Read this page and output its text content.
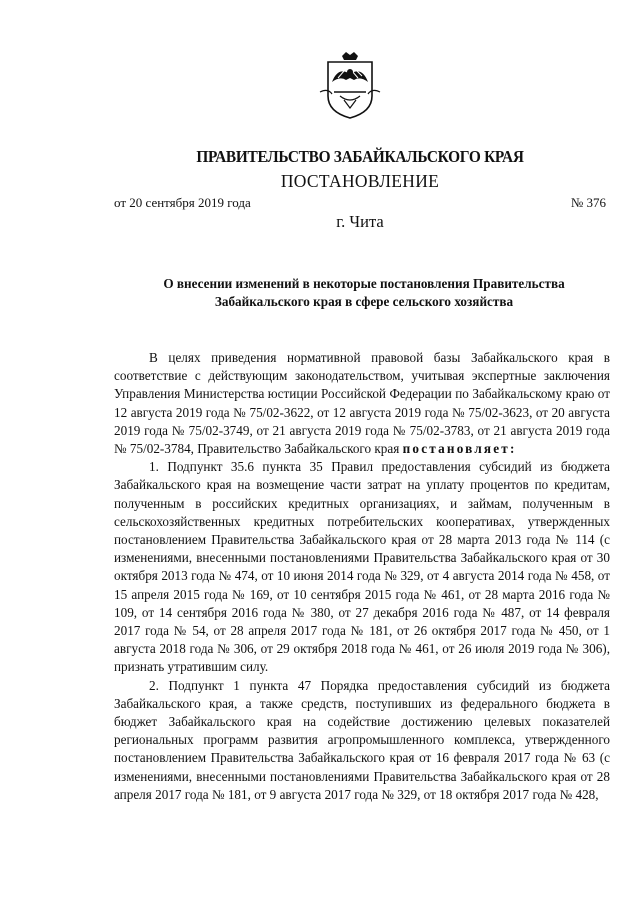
ПРАВИТЕЛЬСТВО ЗАБАЙКАЛЬСКОГО КРАЯ
ПОСТАНОВЛЕНИЕ
от 20 сентября 2019 года	№ 376
г. Чита
О внесении изменений в некоторые постановления Правительства
Забайкальского края в сфере сельского хозяйства

В целях приведения нормативной правовой базы Забайкальского края в соответствие с действующим законодательством, учитывая экспертные заключения Управления Министерства юстиции Российской Федерации по Забайкальскому краю от 12 августа 2019 года № 75/02-3622, от 12 августа 2019 года № 75/02-3623, от 20 августа 2019 года № 75/02-3749, от 21 августа 2019 года № 75/02-3783, от 21 августа 2019 года № 75/02-3784, Правительство Забайкальского края постановляет:

1. Подпункт 35.6 пункта 35 Правил предоставления субсидий из бюджета Забайкальского края на возмещение части затрат на уплату процентов по кредитам, полученным в российских кредитных организациях, и займам, полученным в сельскохозяйственных кредитных потребительских кооперативах, утвержденных постановлением Правительства Забайкальского края от 28 марта 2013 года № 114 (с изменениями, внесенными постановлениями Правительства Забайкальского края от 30 октября 2013 года № 474, от 10 июня 2014 года № 329, от 4 августа 2014 года № 458, от 15 апреля 2015 года № 169, от 10 сентября 2015 года № 461, от 28 марта 2016 года № 109, от 14 сентября 2016 года № 380, от 27 декабря 2016 года № 487, от 14 февраля 2017 года № 54, от 28 апреля 2017 года № 181, от 26 октября 2017 года № 450, от 1 августа 2018 года № 306, от 29 октября 2018 года № 461, от 26 июля 2019 года № 306), признать утратившим силу.

2. Подпункт 1 пункта 47 Порядка предоставления субсидий из бюджета Забайкальского края, а также средств, поступивших из федерального бюджета в бюджет Забайкальского края на содействие достижению целевых показателей региональных программ развития агропромышленного комплекса, утвержденного постановлением Правительства Забайкальского края от 16 февраля 2017 года № 63 (с изменениями, внесенными постановлениями Правительства Забайкальского края от 28 апреля 2017 года № 181, от 9 августа 2017 года № 329, от 18 октября 2017 года № 428,
